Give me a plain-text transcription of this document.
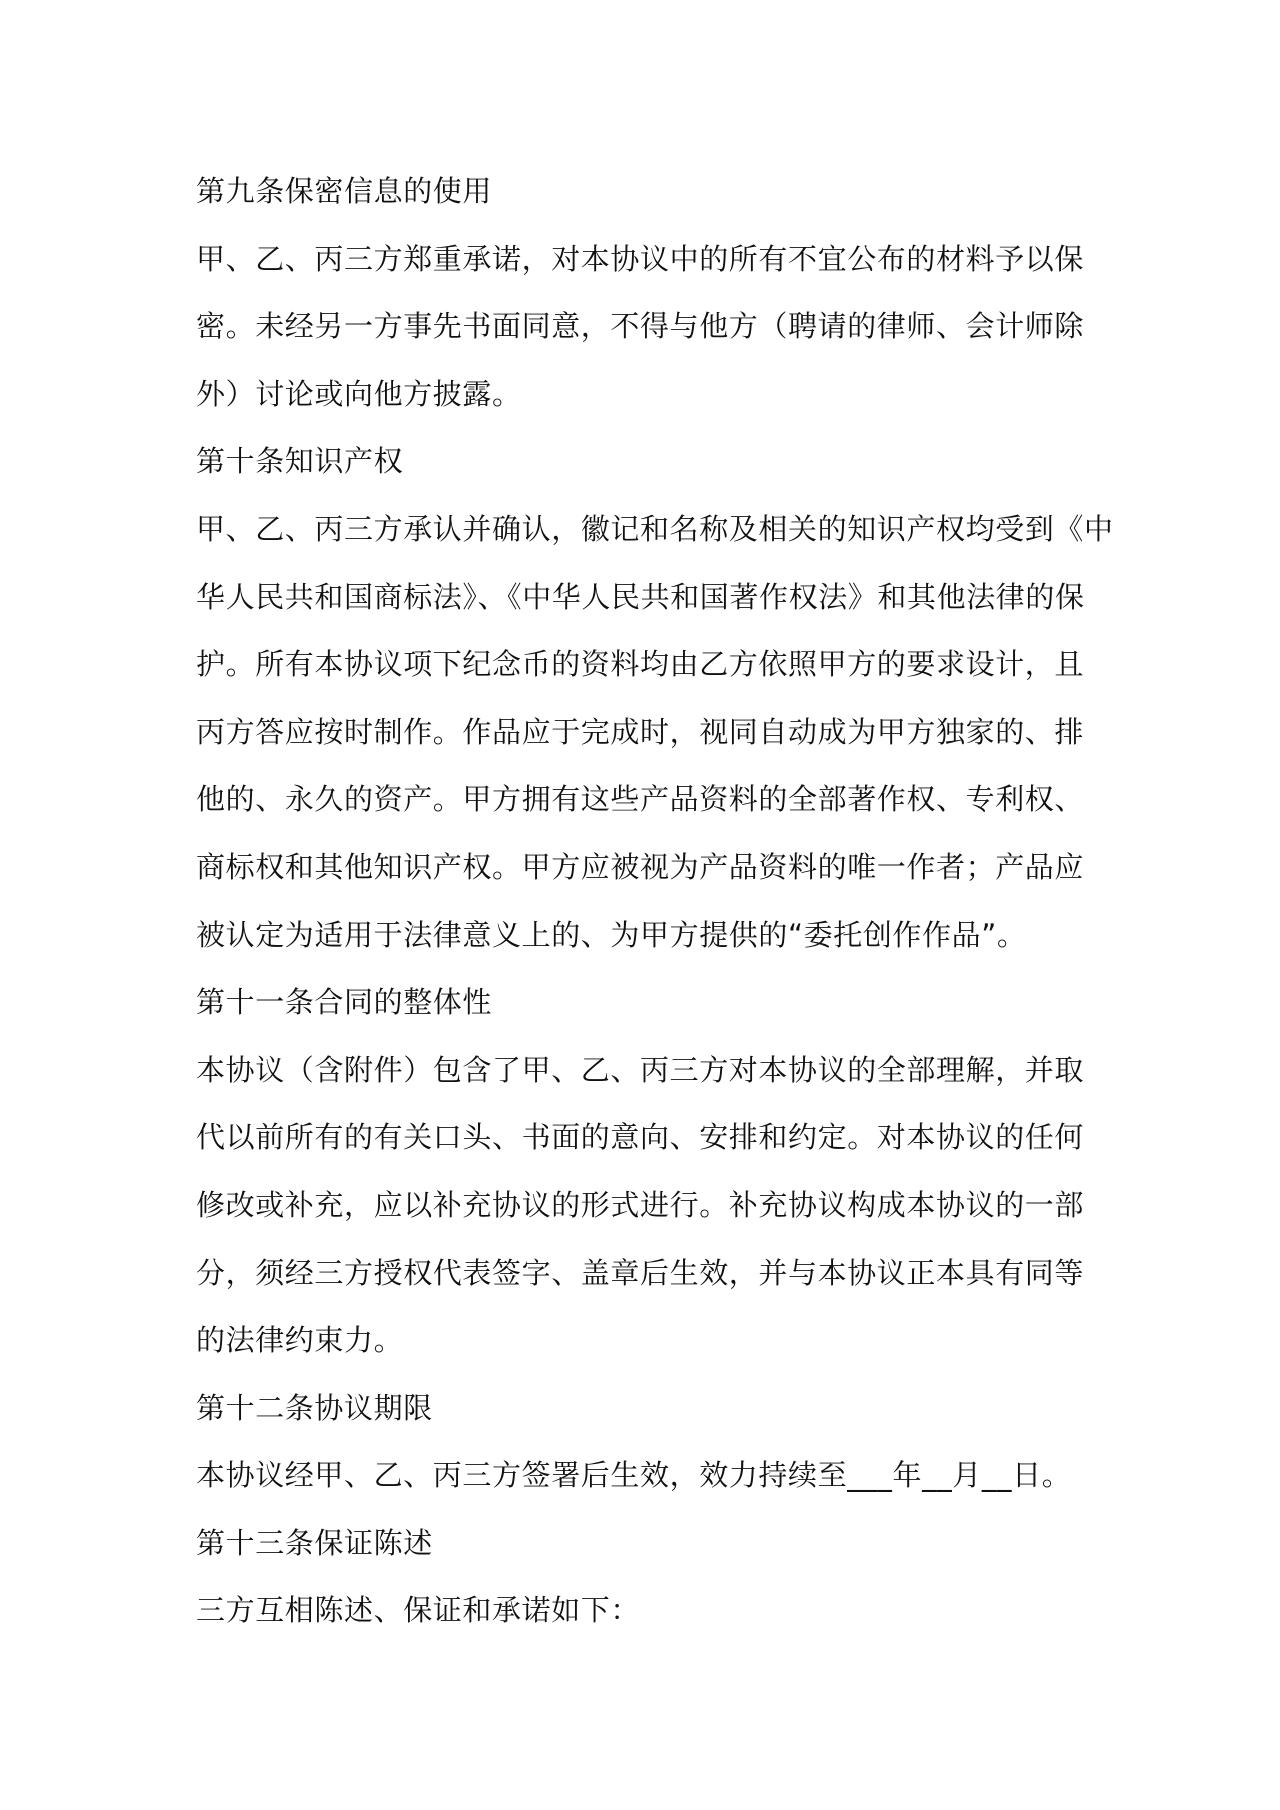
第九条保密信息的使用

甲、乙、丙三方郑重承诺，对本协议中的所有不宜公布的材料予以保

密。未经另一方事先书面同意，不得与他方（聘请的律师、会计师除

外）讨论或向他方披露。

第十条知识产权

甲、乙、丙三方承认并确认，徽记和名称及相关的知识产权均受到《中

华人民共和国商标法》、《中华人民共和国著作权法》和其他法律的保

护。所有本协议项下纪念币的资料均由乙方依照甲方的要求设计，且

丙方答应按时制作。作品应于完成时，视同自动成为甲方独家的、排

他的、永久的资产。甲方拥有这些产品资料的全部著作权、专利权、

商标权和其他知识产权。甲方应被视为产品资料的唯一作者；产品应

被认定为适用于法律意义上的、为甲方提供的“委托创作作品”。

第十一条合同的整体性

本协议（含附件）包含了甲、乙、丙三方对本协议的全部理解，并取

代以前所有的有关口头、书面的意向、安排和约定。对本协议的任何

修改或补充，应以补充协议的形式进行。补充协议构成本协议的一部

分，须经三方授权代表签字、盖章后生效，并与本协议正本具有同等

的法律约束力。

第十二条协议期限

本协议经甲、乙、丙三方签署后生效，效力持续至___年__月__日。

第十三条保证陈述

三方互相陈述、保证和承诺如下：
